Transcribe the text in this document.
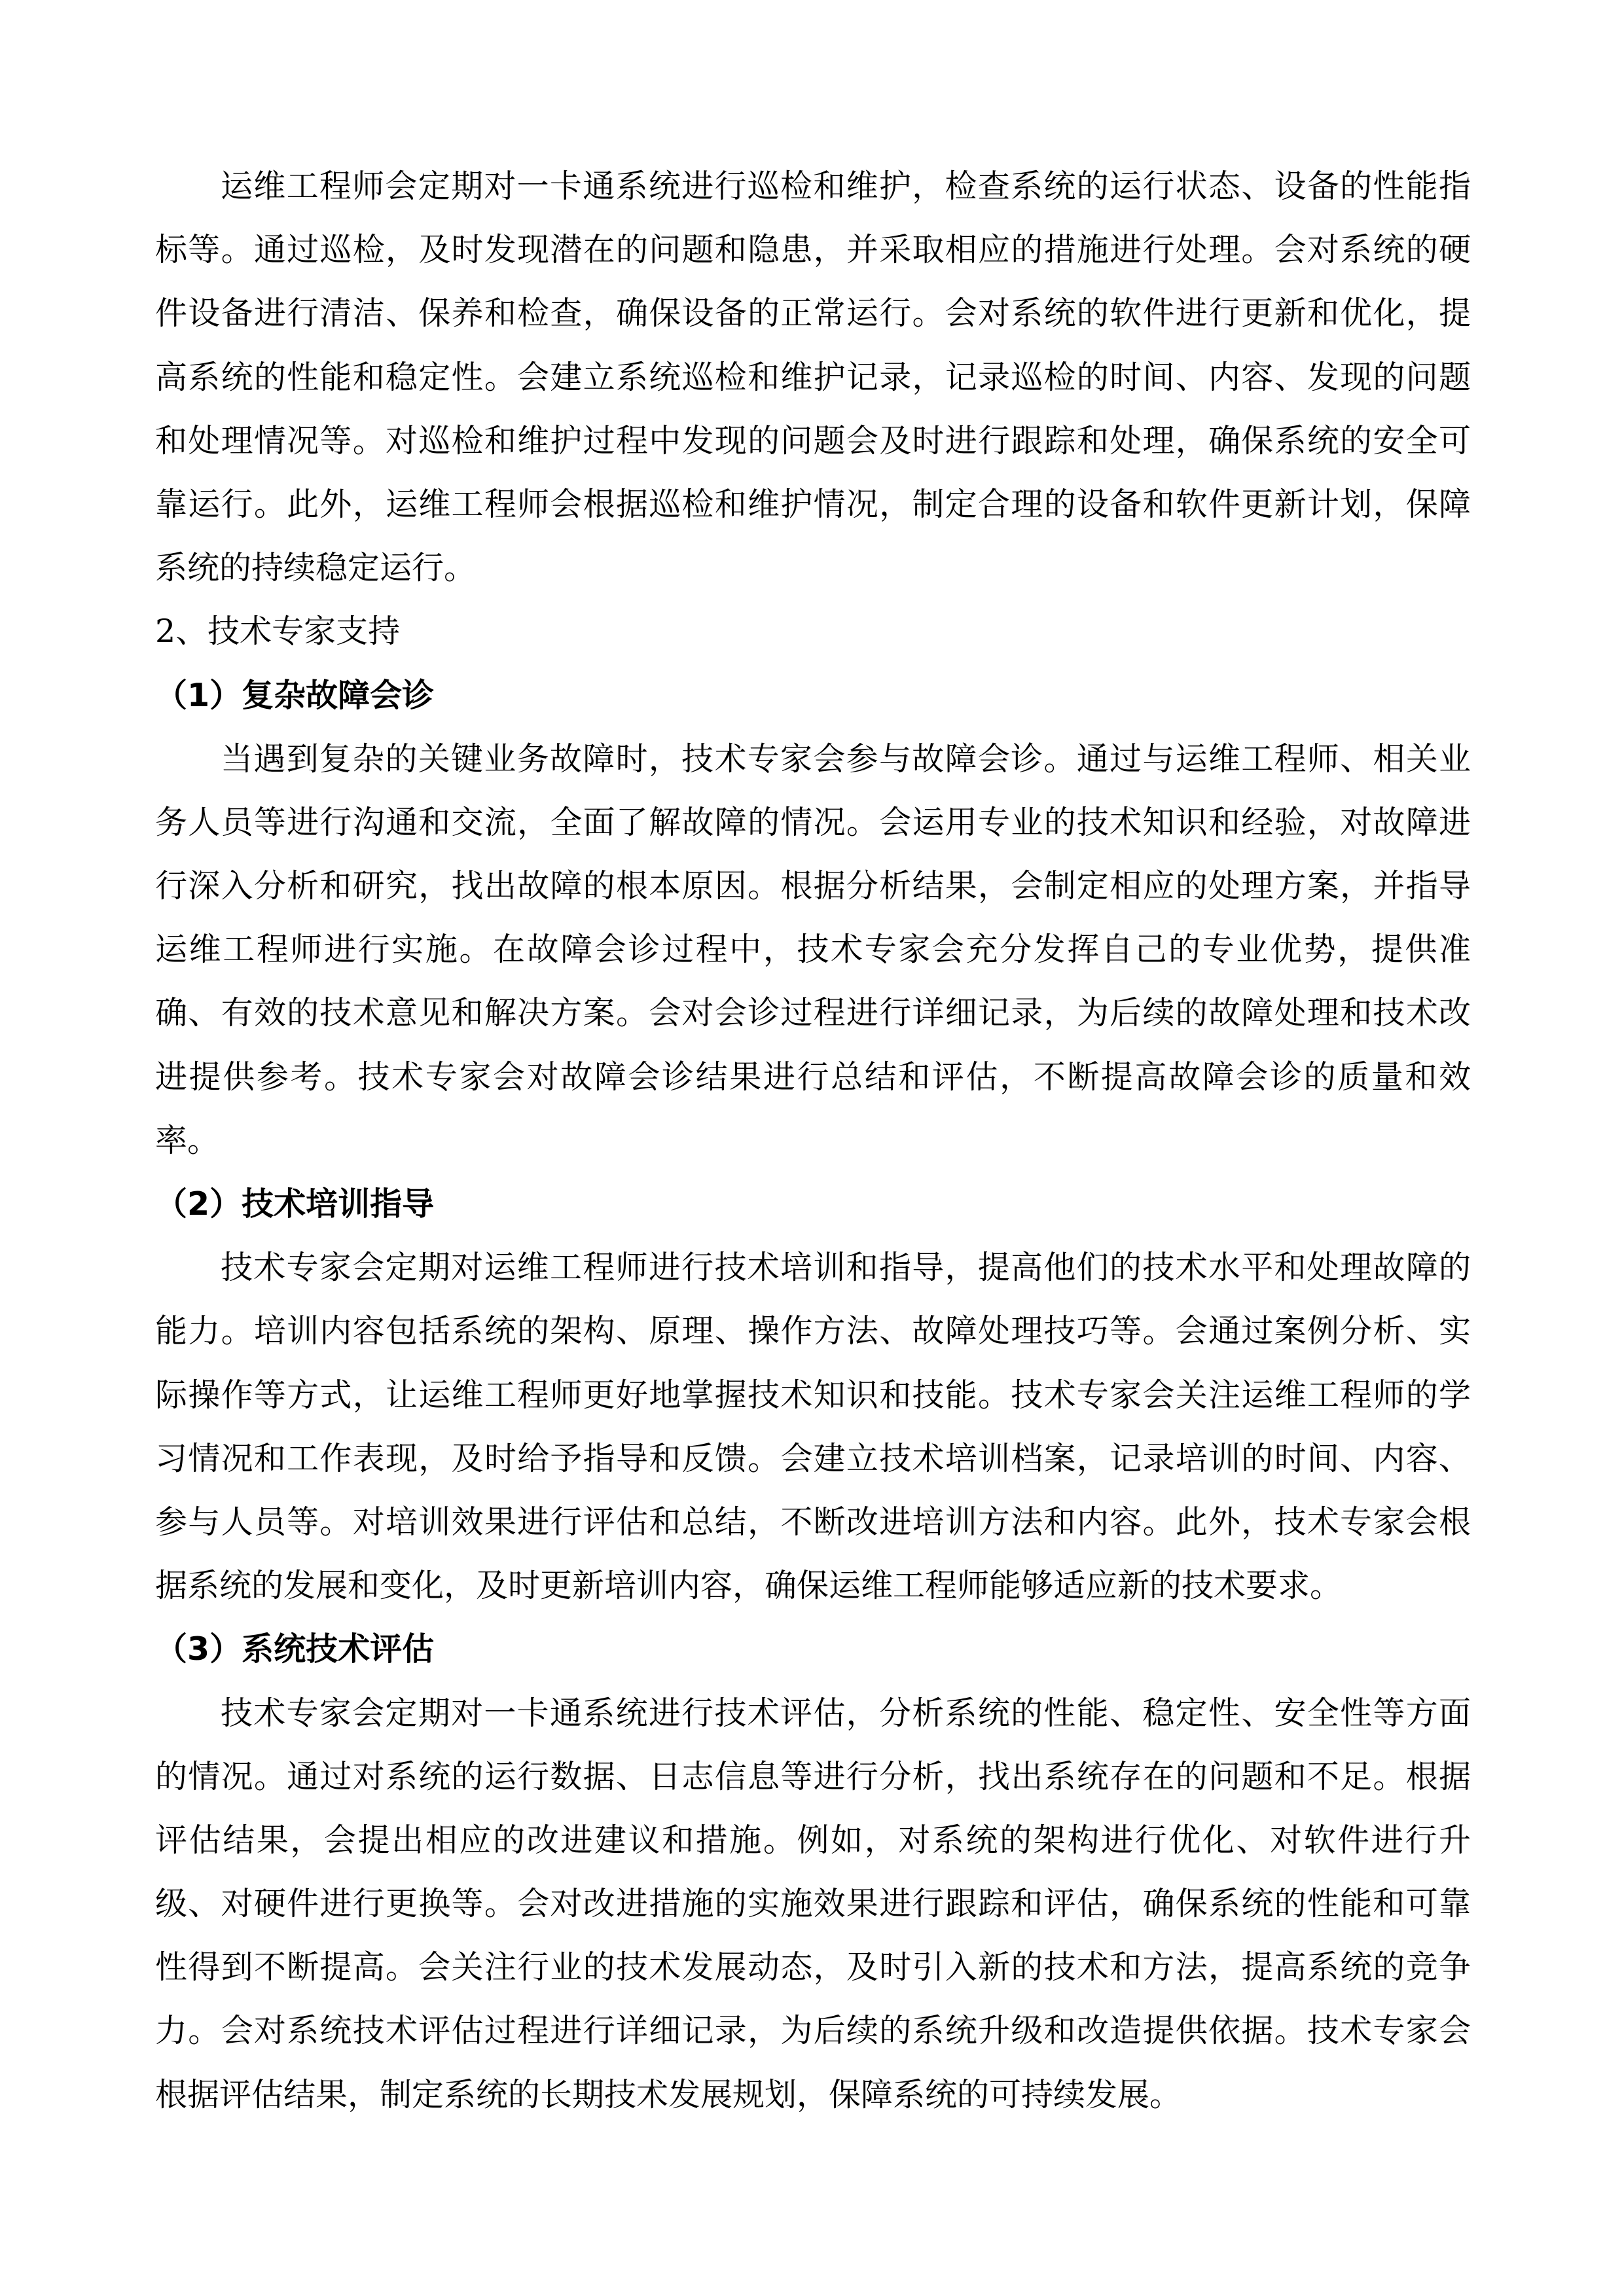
运维工程师会定期对一卡通系统进行巡检和维护，检查系统的运行状态、设备的性能指
标等。通过巡检，及时发现潜在的问题和隐患，并采取相应的措施进行处理。会对系统的硬
件设备进行清洁、保养和检查，确保设备的正常运行。会对系统的软件进行更新和优化，提
高系统的性能和稳定性。会建立系统巡检和维护记录，记录巡检的时间、内容、发现的问题
和处理情况等。对巡检和维护过程中发现的问题会及时进行跟踪和处理，确保系统的安全可
靠运行。此外，运维工程师会根据巡检和维护情况，制定合理的设备和软件更新计划，保障
系统的持续稳定运行。
2、技术专家支持
（1）复杂故障会诊
当遇到复杂的关键业务故障时，技术专家会参与故障会诊。通过与运维工程师、相关业
务人员等进行沟通和交流，全面了解故障的情况。会运用专业的技术知识和经验，对故障进
行深入分析和研究，找出故障的根本原因。根据分析结果，会制定相应的处理方案，并指导
运维工程师进行实施。在故障会诊过程中，技术专家会充分发挥自己的专业优势，提供准
确、有效的技术意见和解决方案。会对会诊过程进行详细记录，为后续的故障处理和技术改
进提供参考。技术专家会对故障会诊结果进行总结和评估，不断提高故障会诊的质量和效
率。
（2）技术培训指导
技术专家会定期对运维工程师进行技术培训和指导，提高他们的技术水平和处理故障的
能力。培训内容包括系统的架构、原理、操作方法、故障处理技巧等。会通过案例分析、实
际操作等方式，让运维工程师更好地掌握技术知识和技能。技术专家会关注运维工程师的学
习情况和工作表现，及时给予指导和反馈。会建立技术培训档案，记录培训的时间、内容、
参与人员等。对培训效果进行评估和总结，不断改进培训方法和内容。此外，技术专家会根
据系统的发展和变化，及时更新培训内容，确保运维工程师能够适应新的技术要求。
（3）系统技术评估
技术专家会定期对一卡通系统进行技术评估，分析系统的性能、稳定性、安全性等方面
的情况。通过对系统的运行数据、日志信息等进行分析，找出系统存在的问题和不足。根据
评估结果，会提出相应的改进建议和措施。例如，对系统的架构进行优化、对软件进行升
级、对硬件进行更换等。会对改进措施的实施效果进行跟踪和评估，确保系统的性能和可靠
性得到不断提高。会关注行业的技术发展动态，及时引入新的技术和方法，提高系统的竞争
力。会对系统技术评估过程进行详细记录，为后续的系统升级和改造提供依据。技术专家会
根据评估结果，制定系统的长期技术发展规划，保障系统的可持续发展。
